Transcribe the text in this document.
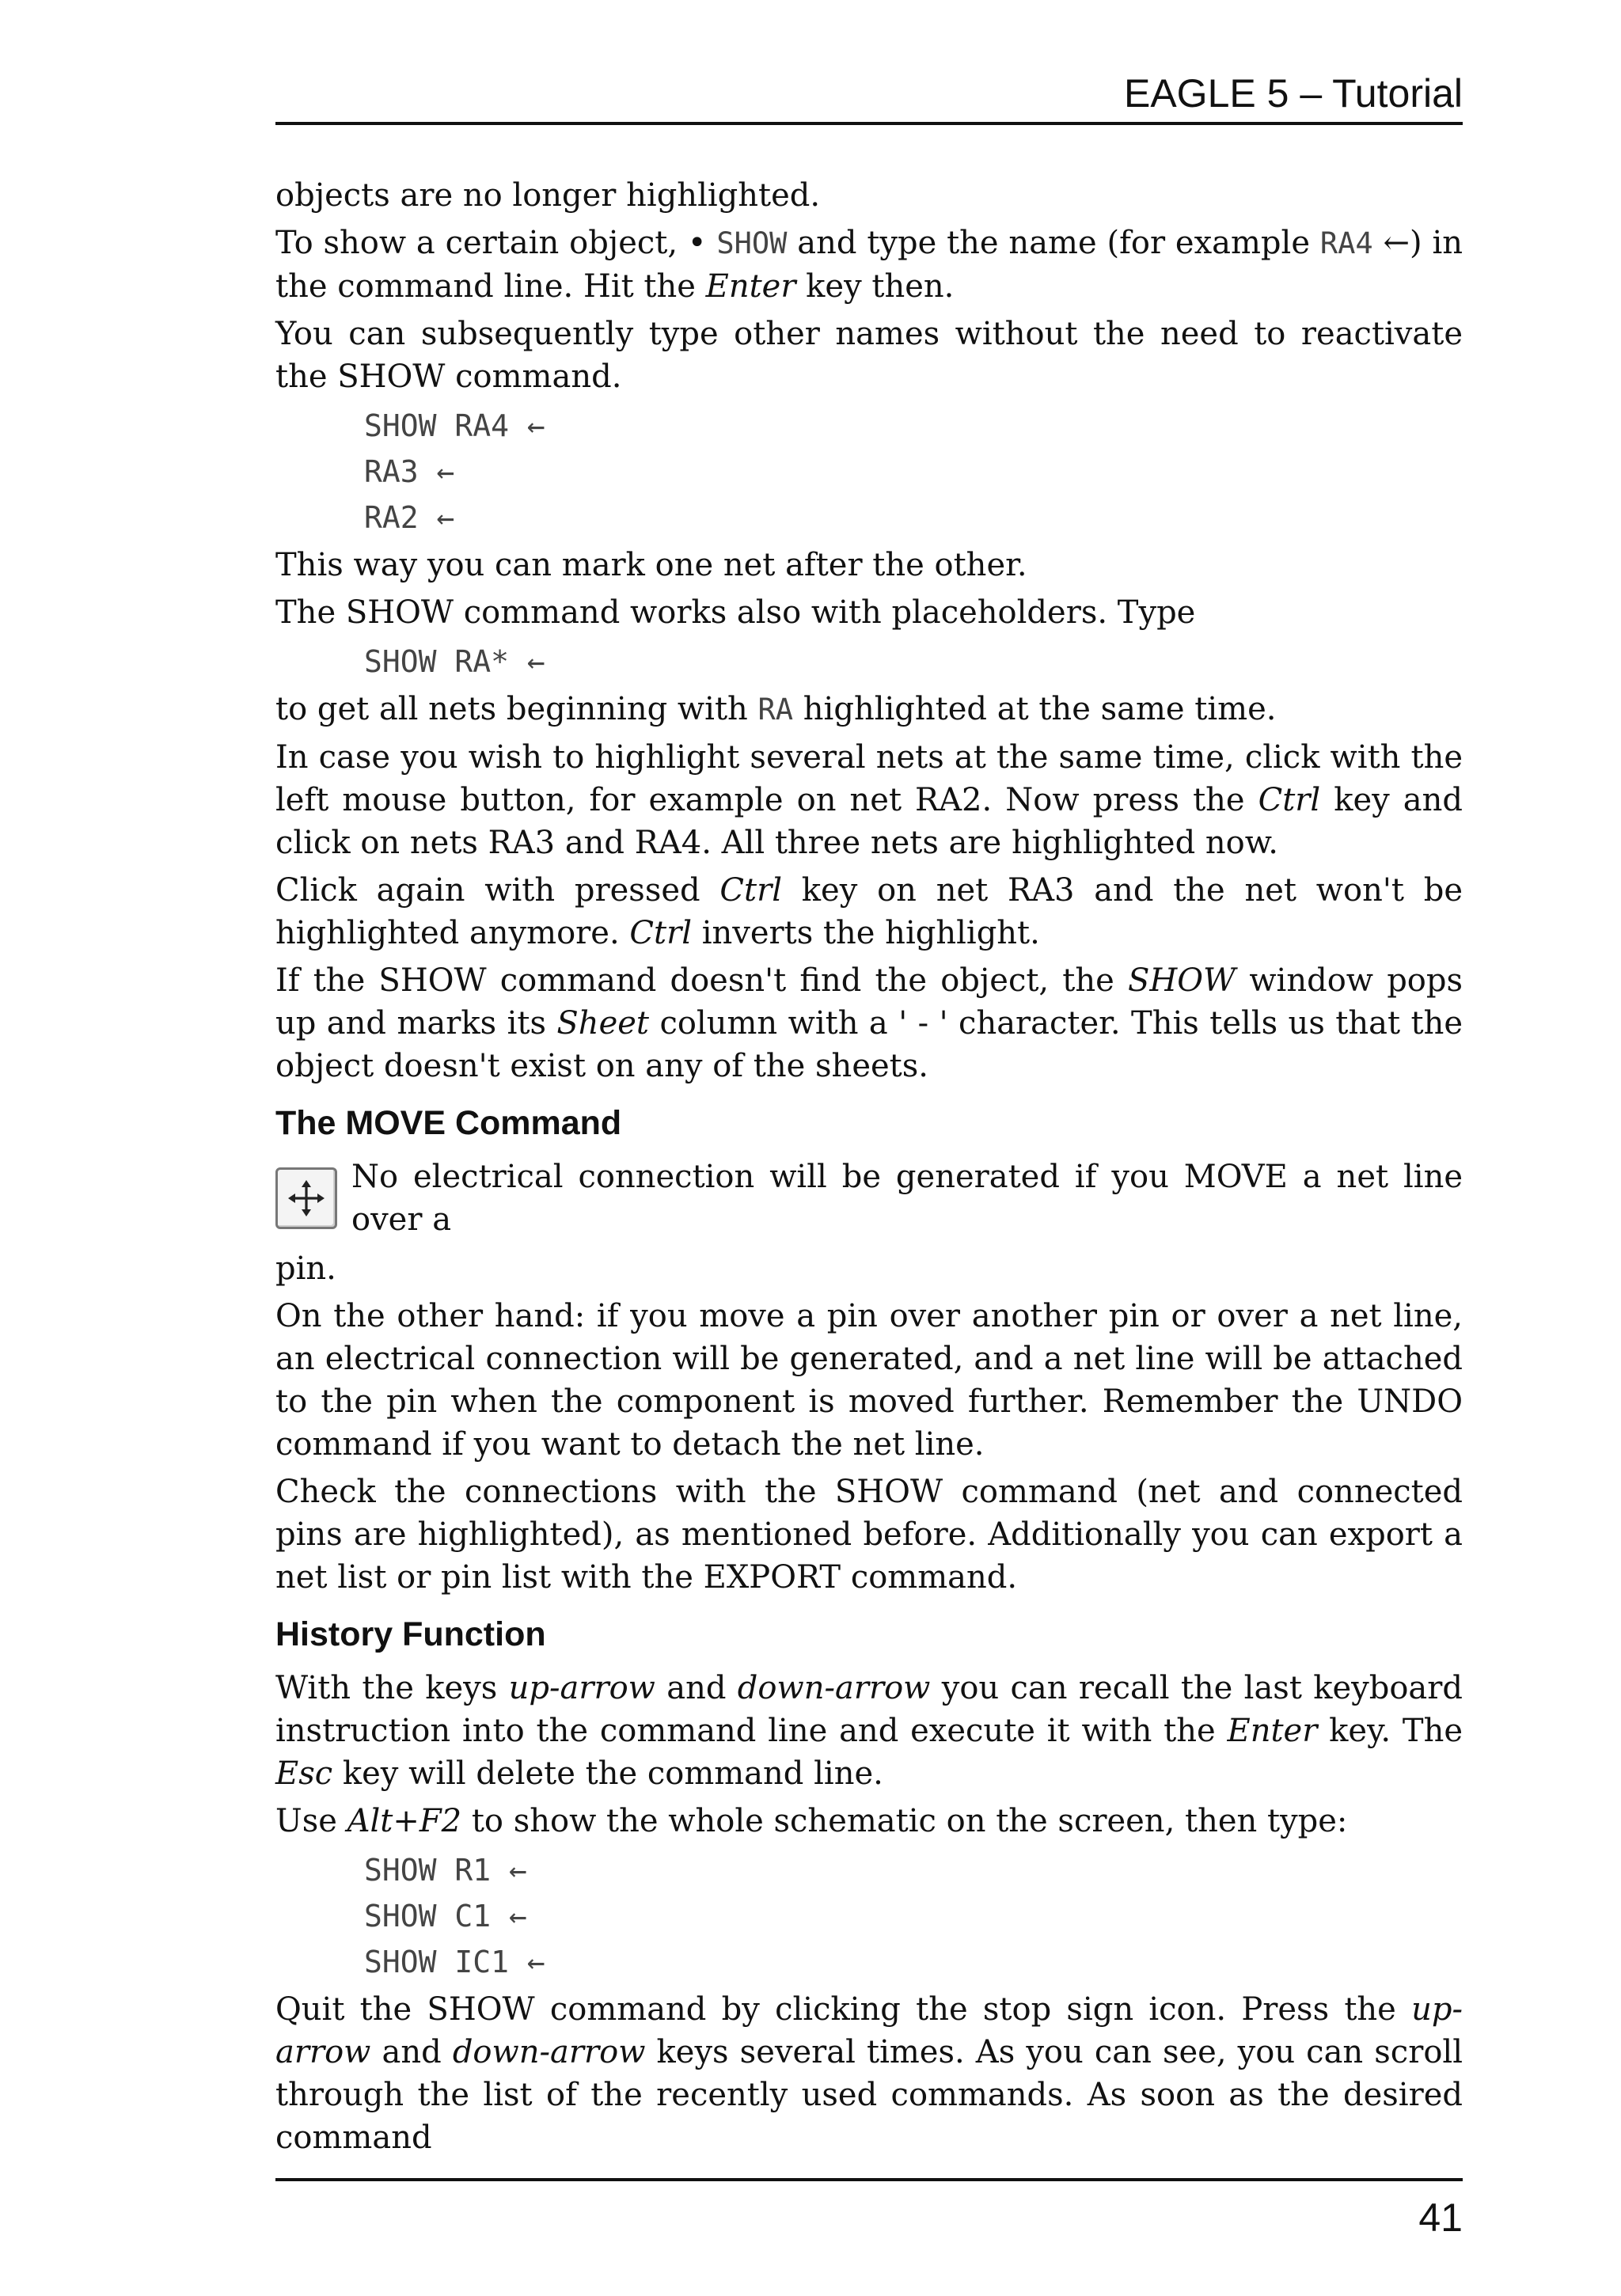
EAGLE 5 – Tutorial

objects are no longer highlighted.

To show a certain object, • SHOW and type the name (for example RA4 ←) in the command line. Hit the Enter key then.

You can subsequently type other names without the need to reactivate the SHOW command.

SHOW RA4 ←
RA3 ←
RA2 ←

This way you can mark one net after the other.

The SHOW command works also with placeholders. Type

SHOW RA* ←

to get all nets beginning with RA highlighted at the same time.

In case you wish to highlight several nets at the same time, click with the left mouse button, for example on net RA2. Now press the Ctrl key and click on nets RA3 and RA4. All three nets are highlighted now.

Click again with pressed Ctrl key on net RA3 and the net won't be highlighted anymore. Ctrl inverts the highlight.

If the SHOW command doesn't find the object, the SHOW window pops up and marks its Sheet column with a ' - ' character. This tells us that the object doesn't exist on any of the sheets.

The MOVE Command

No electrical connection will be generated if you MOVE a net line over a

pin.

On the other hand: if you move a pin over another pin or over a net line, an electrical connection will be generated, and a net line will be attached to the pin when the component is moved further. Remember the UNDO command if you want to detach the net line.

Check the connections with the SHOW command (net and connected pins are highlighted), as mentioned before. Additionally you can export a net list or pin list with the EXPORT command.

History Function

With the keys up-arrow and down-arrow you can recall the last keyboard instruction into the command line and execute it with the Enter key. The Esc key will delete the command line.

Use Alt+F2 to show the whole schematic on the screen, then type:

SHOW R1 ←
SHOW C1 ←
SHOW IC1 ←

Quit the SHOW command by clicking the stop sign icon. Press the up-arrow and down-arrow keys several times. As you can see, you can scroll through the list of the recently used commands. As soon as the desired command

41
